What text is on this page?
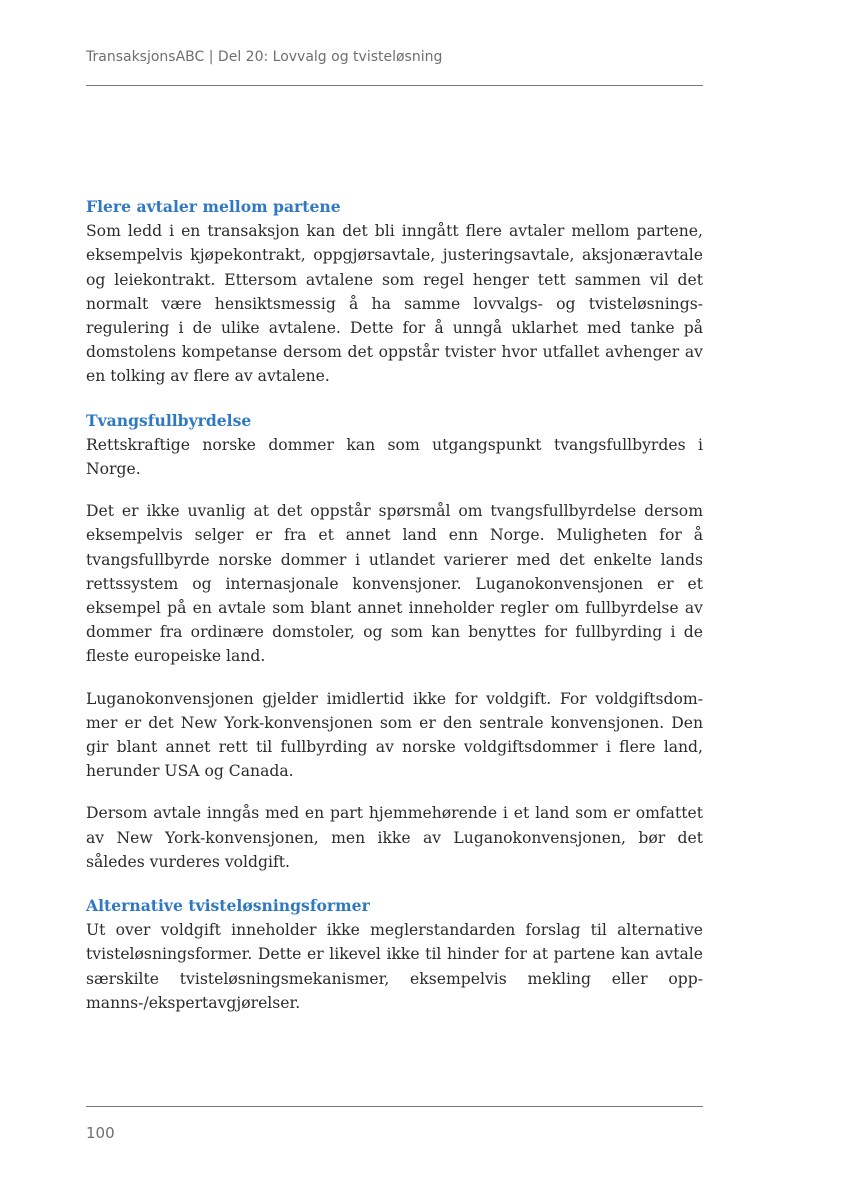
TransaksjonsABC | Del 20: Lovvalg og tvisteløsning
Flere avtaler mellom partene

Som ledd i en transaksjon kan det bli inngått flere avtaler mellom partene, eksempelvis kjøpekontrakt, oppgjørsavtale, justeringsavtale, aksjonæravtale og leiekontrakt. Ettersom avtalene som regel henger tett sammen vil det normalt være hensiktsmessig å ha samme lovvalgs- og tvisteløsningsregulering i de ulike avtalene. Dette for å unngå uklarhet med tanke på domstolens kompetanse dersom det oppstår tvister hvor utfallet avhenger av en tolking av flere av avtalene.

Tvangsfullbyrdelse

Rettskraftige norske dommer kan som utgangspunkt tvangsfullbyrdes i Norge.

Det er ikke uvanlig at det oppstår spørsmål om tvangsfullbyrdelse dersom eksempelvis selger er fra et annet land enn Norge. Muligheten for å tvangsfullbyrde norske dommer i utlandet varierer med det enkelte lands rettssystem og internasjonale konvensjoner. Luganokonvensjonen er et eksempel på en avtale som blant annet inneholder regler om fullbyrdelse av dommer fra ordinære domstoler, og som kan benyttes for fullbyrding i de fleste europeiske land.

Luganokonvensjonen gjelder imidlertid ikke for voldgift. For voldgiftsdommer er det New York-konvensjonen som er den sentrale konvensjonen. Den gir blant annet rett til fullbyrding av norske voldgiftsdommer i flere land, herunder USA og Canada.

Dersom avtale inngås med en part hjemmehørende i et land som er omfattet av New York-konvensjonen, men ikke av Luganokonvensjonen, bør det således vurderes voldgift.

Alternative tvisteløsningsformer

Ut over voldgift inneholder ikke meglerstandarden forslag til alternative tvisteløsningsformer. Dette er likevel ikke til hinder for at partene kan avtale særskilte tvisteløsningsmekanismer, eksempelvis mekling eller oppmanns-/ekspertavgjørelser.

100
